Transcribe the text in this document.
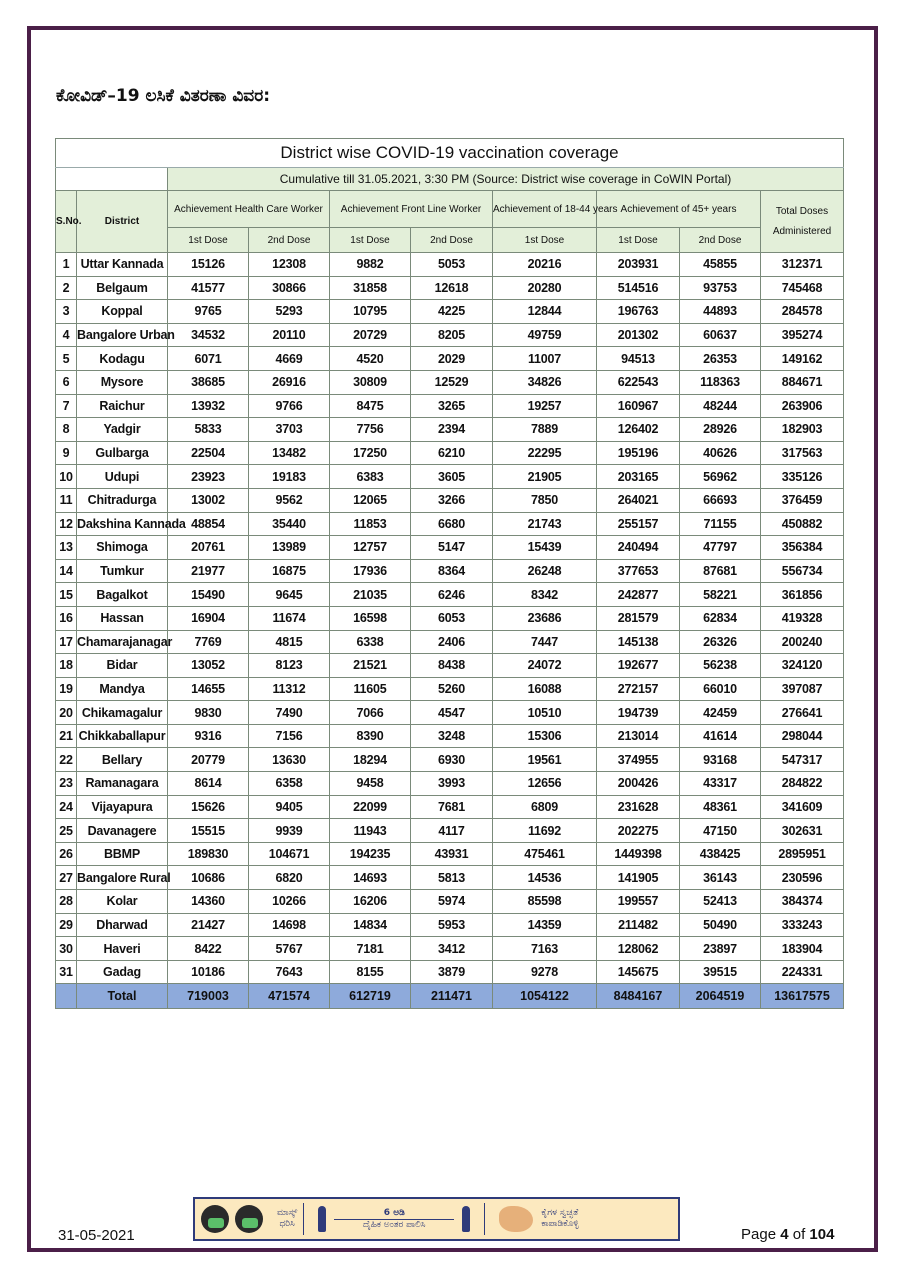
ಕೋವಿಡ್–19 ಲಸಿಕೆ ವಿತರಣಾ ವಿವರ:
District wise COVID-19 vaccination coverage									
		Cumulative till 31.05.2021, 3:30 PM (Source: District wise coverage in CoWIN Portal)							
S.No.	District	Achievement Health Care Worker		Achievement Front Line Worker		Achievement of 18-44 years	Achievement of 45+ years		Total Doses Administered
		1st Dose	2nd Dose	1st Dose	2nd Dose	1st Dose	1st Dose	2nd Dose	
1	Uttar Kannada	15126	12308	9882	5053	20216	203931	45855	312371
2	Belgaum	41577	30866	31858	12618	20280	514516	93753	745468
3	Koppal	9765	5293	10795	4225	12844	196763	44893	284578
4	Bangalore Urban	34532	20110	20729	8205	49759	201302	60637	395274
5	Kodagu	6071	4669	4520	2029	11007	94513	26353	149162
6	Mysore	38685	26916	30809	12529	34826	622543	118363	884671
7	Raichur	13932	9766	8475	3265	19257	160967	48244	263906
8	Yadgir	5833	3703	7756	2394	7889	126402	28926	182903
9	Gulbarga	22504	13482	17250	6210	22295	195196	40626	317563
10	Udupi	23923	19183	6383	3605	21905	203165	56962	335126
11	Chitradurga	13002	9562	12065	3266	7850	264021	66693	376459
12	Dakshina Kannada	48854	35440	11853	6680	21743	255157	71155	450882
13	Shimoga	20761	13989	12757	5147	15439	240494	47797	356384
14	Tumkur	21977	16875	17936	8364	26248	377653	87681	556734
15	Bagalkot	15490	9645	21035	6246	8342	242877	58221	361856
16	Hassan	16904	11674	16598	6053	23686	281579	62834	419328
17	Chamarajanagar	7769	4815	6338	2406	7447	145138	26326	200240
18	Bidar	13052	8123	21521	8438	24072	192677	56238	324120
19	Mandya	14655	11312	11605	5260	16088	272157	66010	397087
20	Chikamagalur	9830	7490	7066	4547	10510	194739	42459	276641
21	Chikkaballapur	9316	7156	8390	3248	15306	213014	41614	298044
22	Bellary	20779	13630	18294	6930	19561	374955	93168	547317
23	Ramanagara	8614	6358	9458	3993	12656	200426	43317	284822
24	Vijayapura	15626	9405	22099	7681	6809	231628	48361	341609
25	Davanagere	15515	9939	11943	4117	11692	202275	47150	302631
26	BBMP	189830	104671	194235	43931	475461	1449398	438425	2895951
27	Bangalore Rural	10686	6820	14693	5813	14536	141905	36143	230596
28	Kolar	14360	10266	16206	5974	85598	199557	52413	384374
29	Dharwad	21427	14698	14834	5953	14359	211482	50490	333243
30	Haveri	8422	5767	7181	3412	7163	128062	23897	183904
31	Gadag	10186	7643	8155	3879	9278	145675	39515	224331
	Total	719003	471574	612719	211471	1054122	8484167	2064519	13617575
ಮಾಸ್ಕ್
ಧರಿಸಿ
6 ಅಡಿ
ದೈಹಿಕ ಅಂತರ ಪಾಲಿಸಿ
ಕೈಗಳ ಸ್ವಚ್ಛತೆ
ಕಾಪಾಡಿಕೊಳ್ಳಿ
31-05-2021	Page 4 of 104
